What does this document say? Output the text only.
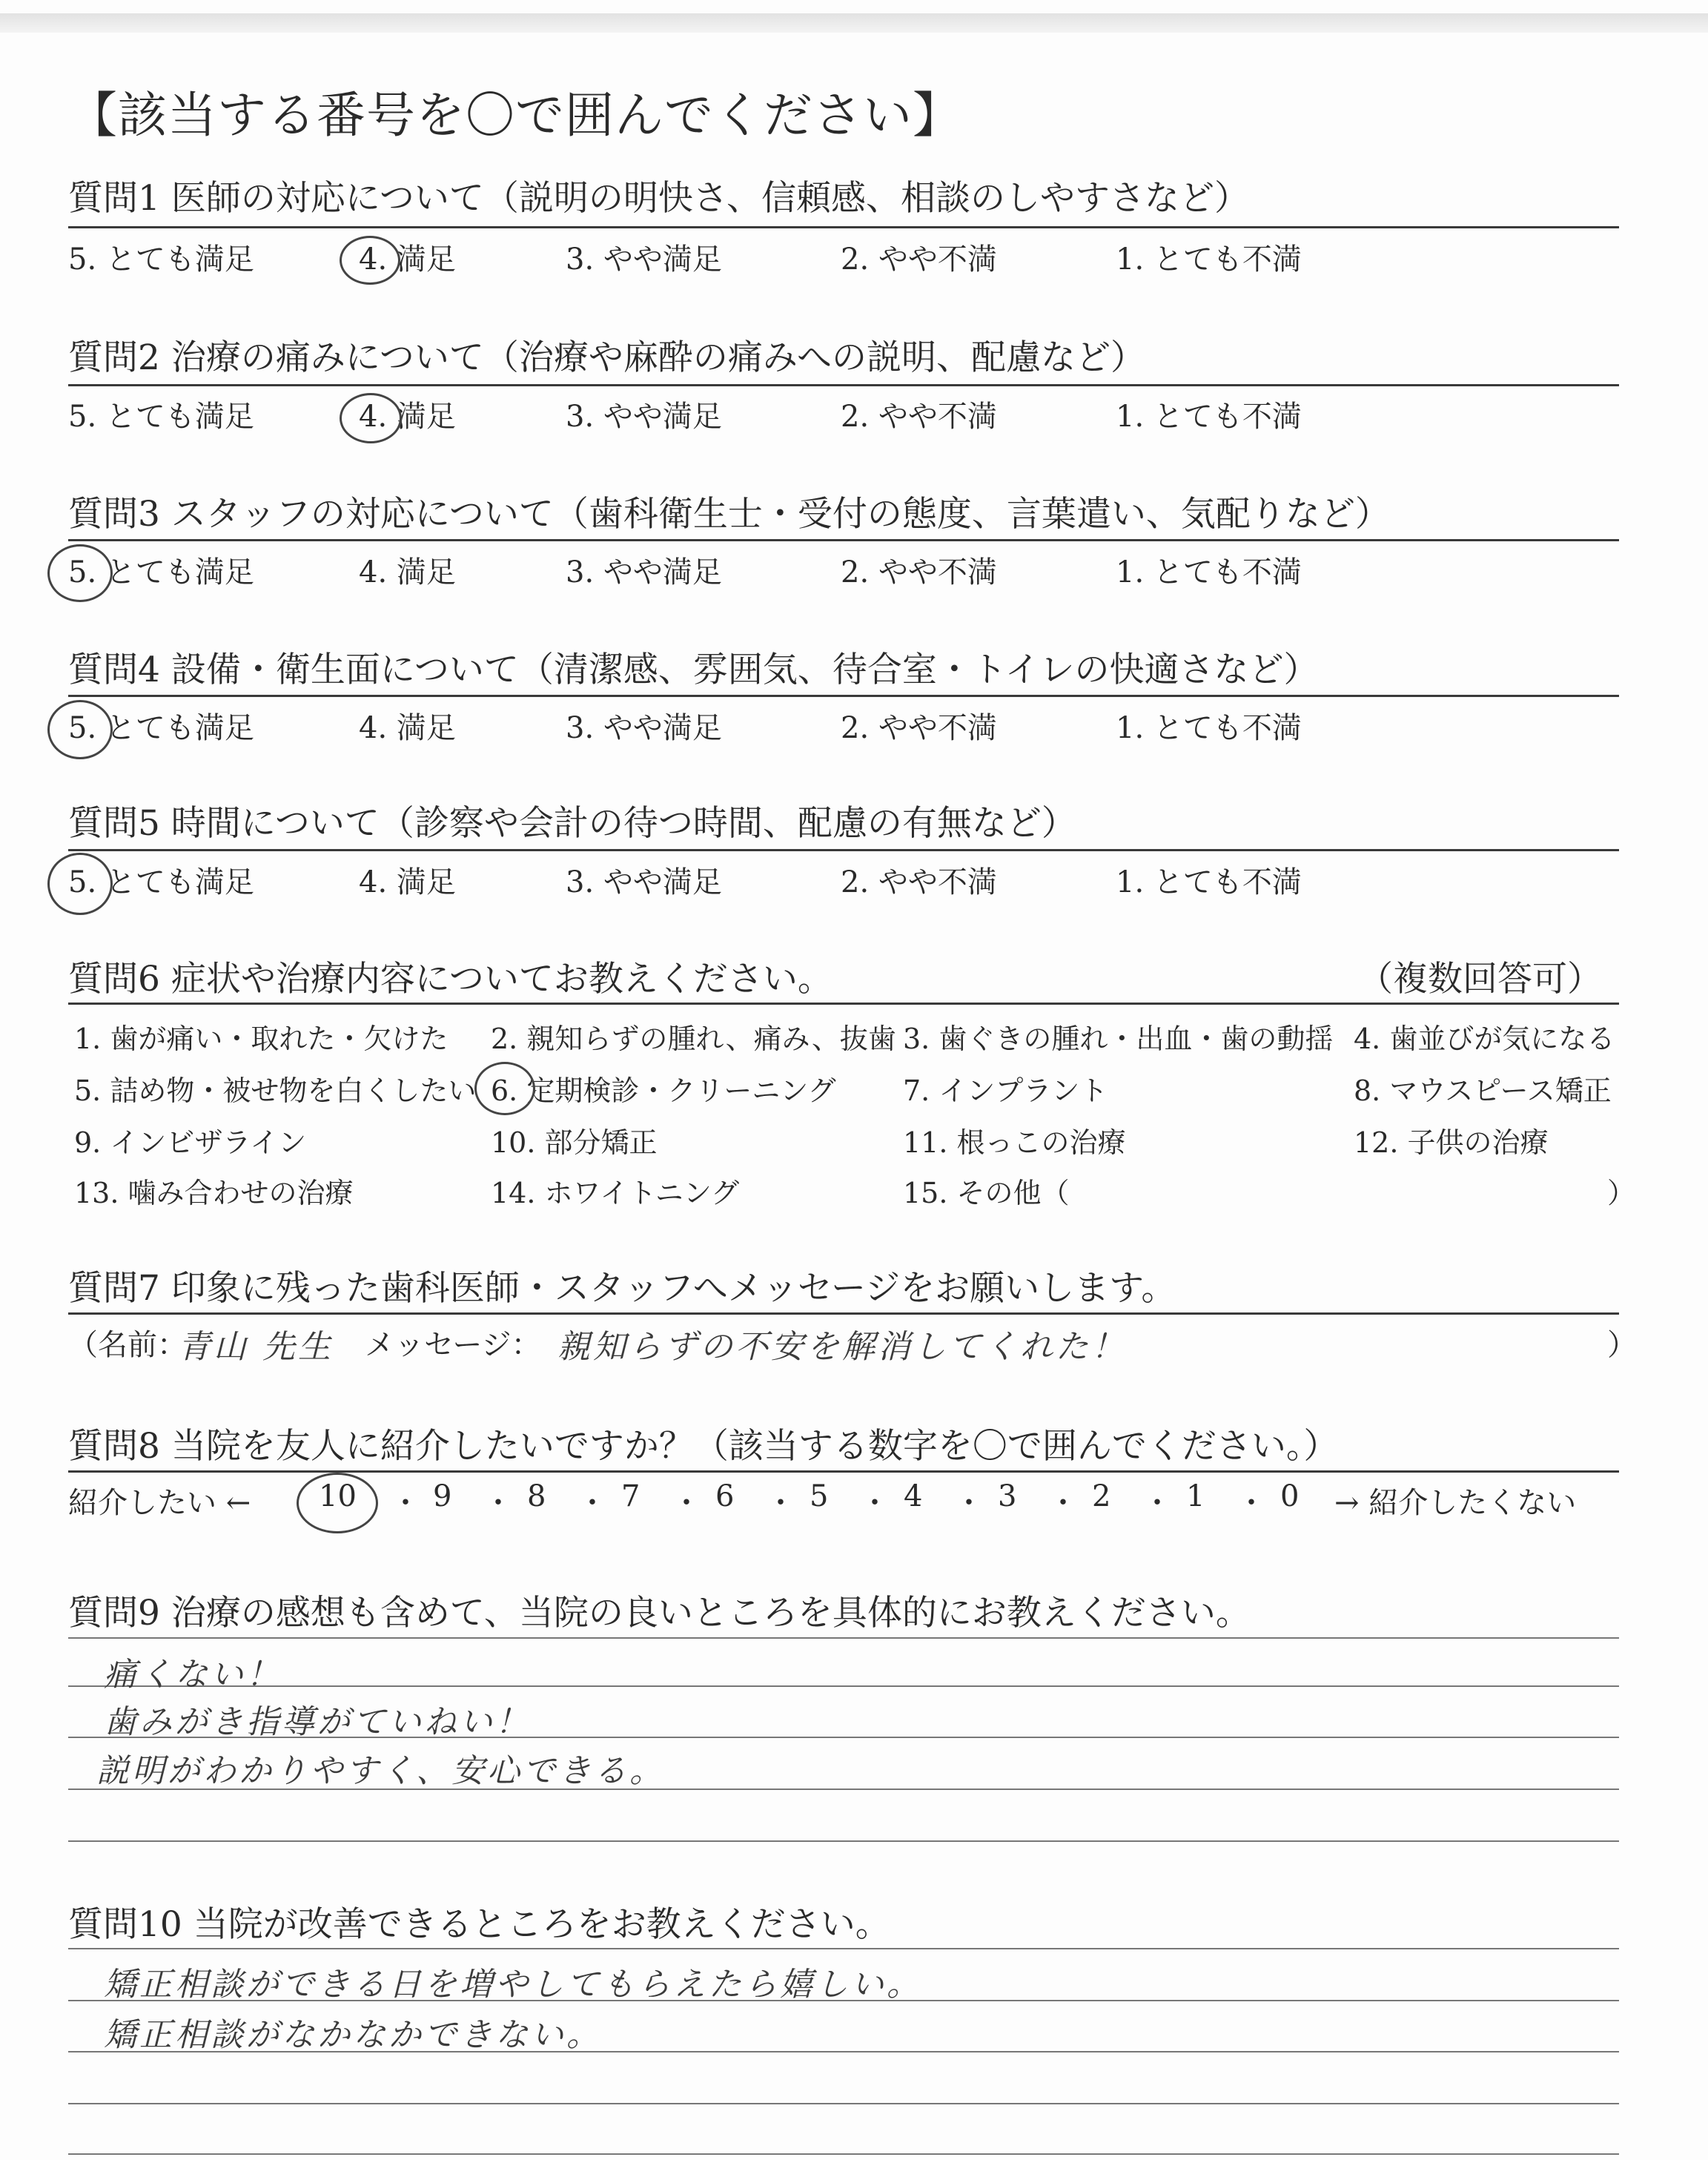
【該当する番号を〇で囲んでください】
質問1 医師の対応について（説明の明快さ、信頼感、相談のしやすさなど）
5. とても満足	4. 満足	3. やや満足	2. やや不満	1. とても不満
質問2 治療の痛みについて（治療や麻酔の痛みへの説明、配慮など）
5. とても満足	4. 満足	3. やや満足	2. やや不満	1. とても不満
質問3 スタッフの対応について（歯科衛生士・受付の態度、言葉遣い、気配りなど）
5. とても満足	4. 満足	3. やや満足	2. やや不満	1. とても不満
質問4 設備・衛生面について（清潔感、雰囲気、待合室・トイレの快適さなど）
5. とても満足	4. 満足	3. やや満足	2. やや不満	1. とても不満
質問5 時間について（診察や会計の待つ時間、配慮の有無など）
5. とても満足	4. 満足	3. やや満足	2. やや不満	1. とても不満
質問6 症状や治療内容についてお教えください。	（複数回答可）
1. 歯が痛い・取れた・欠けた 2. 親知らずの腫れ、痛み、抜歯 3. 歯ぐきの腫れ・出血・歯の動揺 4. 歯並びが気になる
5. 詰め物・被せ物を白くしたい 6. 定期検診・クリーニング 7. インプラント	8. マウスピース矯正
9. インビザライン	10. 部分矯正	11. 根っこの治療	12. 子供の治療
13. 噛み合わせの治療	14. ホワイトニング	15. その他（	）
質問7 印象に残った歯科医師・スタッフへメッセージをお願いします。
（名前：
青山 先生 メッセージ： 親知らずの不安を解消してくれた！	）
質問8 当院を友人に紹介したいですか？（該当する数字を〇で囲んでください。）
紹介したい ← 10 ・ 9 ・ 8 ・ 7 ・ 6 ・ 5 ・ 4 ・ 3 ・ 2 ・ 1 ・ 0 → 紹介したくない
質問9 治療の感想も含めて、当院の良いところを具体的にお教えください。
痛くない！
歯みがき指導がていねい！
説明がわかりやすく、安心できる。
質問10 当院が改善できるところをお教えください。
矯正相談ができる日を増やしてもらえたら嬉しい。
矯正相談がなかなかできない。
